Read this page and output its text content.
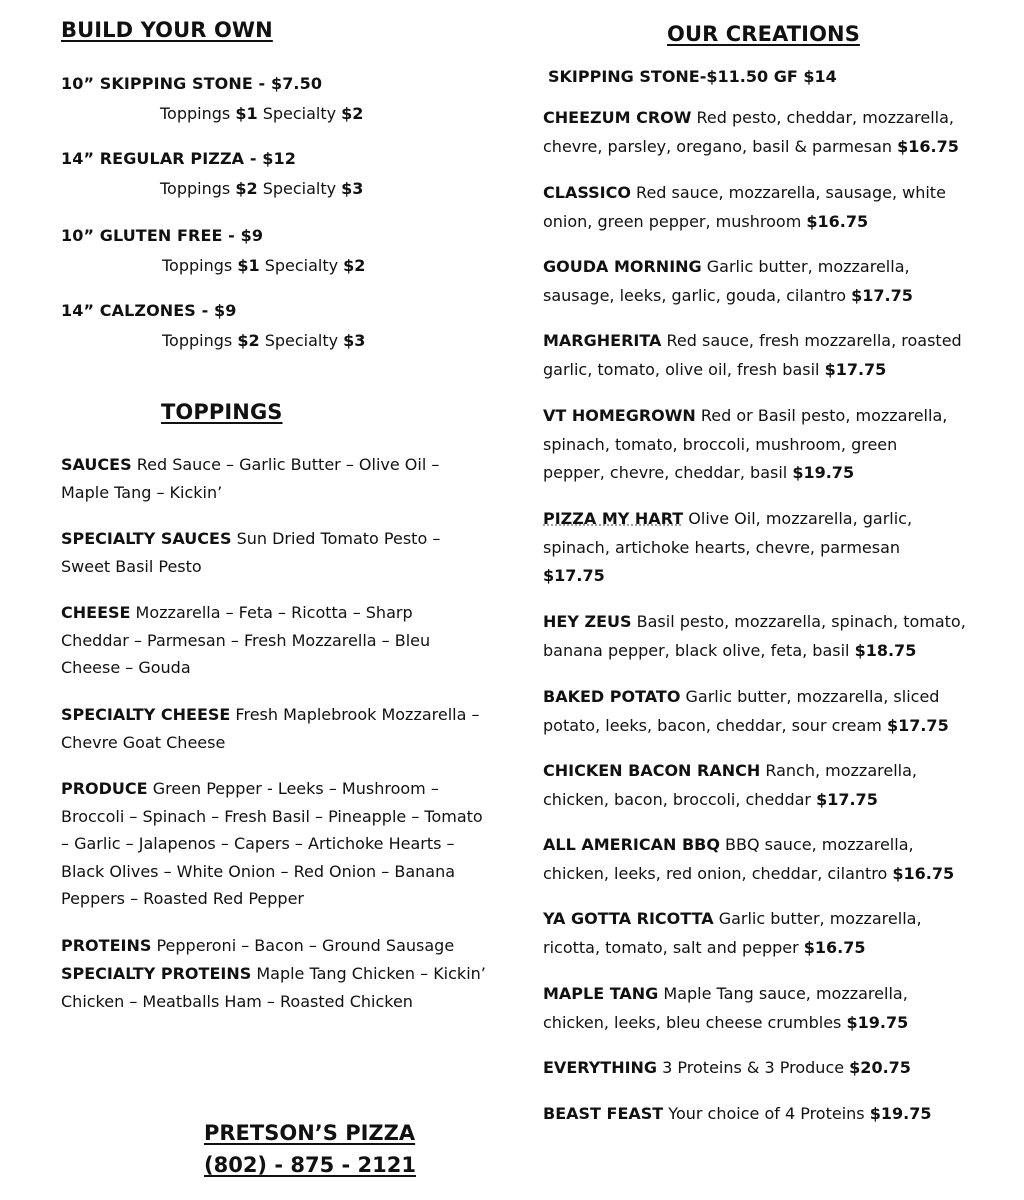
BUILD YOUR OWN
10” SKIPPING STONE - $7.50
Toppings $1 Specialty $2
14” REGULAR PIZZA - $12
Toppings $2 Specialty $3
10” GLUTEN FREE - $9
Toppings $1 Specialty $2
14” CALZONES - $9
Toppings $2 Specialty $3
TOPPINGS
SAUCES Red Sauce – Garlic Butter – Olive Oil – Maple Tang – Kickin’
SPECIALTY SAUCES Sun Dried Tomato Pesto – Sweet Basil Pesto
CHEESE Mozzarella – Feta – Ricotta – Sharp Cheddar – Parmesan – Fresh Mozzarella – Bleu Cheese – Gouda
SPECIALTY CHEESE Fresh Maplebrook Mozzarella – Chevre Goat Cheese
PRODUCE Green Pepper - Leeks – Mushroom – Broccoli – Spinach – Fresh Basil – Pineapple – Tomato – Garlic – Jalapenos – Capers – Artichoke Hearts – Black Olives – White Onion – Red Onion – Banana Peppers – Roasted Red Pepper
PROTEINS Pepperoni – Bacon – Ground Sausage
SPECIALTY PROTEINS Maple Tang Chicken – Kickin’ Chicken – Meatballs Ham – Roasted Chicken
OUR CREATIONS
SKIPPING STONE-$11.50 GF $14
CHEEZUM CROW Red pesto, cheddar, mozzarella, chevre, parsley, oregano, basil & parmesan $16.75
CLASSICO Red sauce, mozzarella, sausage, white onion, green pepper, mushroom $16.75
GOUDA MORNING Garlic butter, mozzarella, sausage, leeks, garlic, gouda, cilantro $17.75
MARGHERITA Red sauce, fresh mozzarella, roasted garlic, tomato, olive oil, fresh basil $17.75
VT HOMEGROWN Red or Basil pesto, mozzarella, spinach, tomato, broccoli, mushroom, green pepper, chevre, cheddar, basil $19.75
PIZZA MY HART Olive Oil, mozzarella, garlic, spinach, artichoke hearts, chevre, parmesan $17.75
HEY ZEUS Basil pesto, mozzarella, spinach, tomato, banana pepper, black olive, feta, basil $18.75
BAKED POTATO Garlic butter, mozzarella, sliced potato, leeks, bacon, cheddar, sour cream $17.75
CHICKEN BACON RANCH Ranch, mozzarella, chicken, bacon, broccoli, cheddar $17.75
ALL AMERICAN BBQ BBQ sauce, mozzarella, chicken, leeks, red onion, cheddar, cilantro $16.75
YA GOTTA RICOTTA Garlic butter, mozzarella, ricotta, tomato, salt and pepper $16.75
MAPLE TANG Maple Tang sauce, mozzarella, chicken, leeks, bleu cheese crumbles $19.75
EVERYTHING 3 Proteins & 3 Produce $20.75
BEAST FEAST Your choice of 4 Proteins $19.75
PRETSON’S PIZZA
(802) - 875 - 2121
